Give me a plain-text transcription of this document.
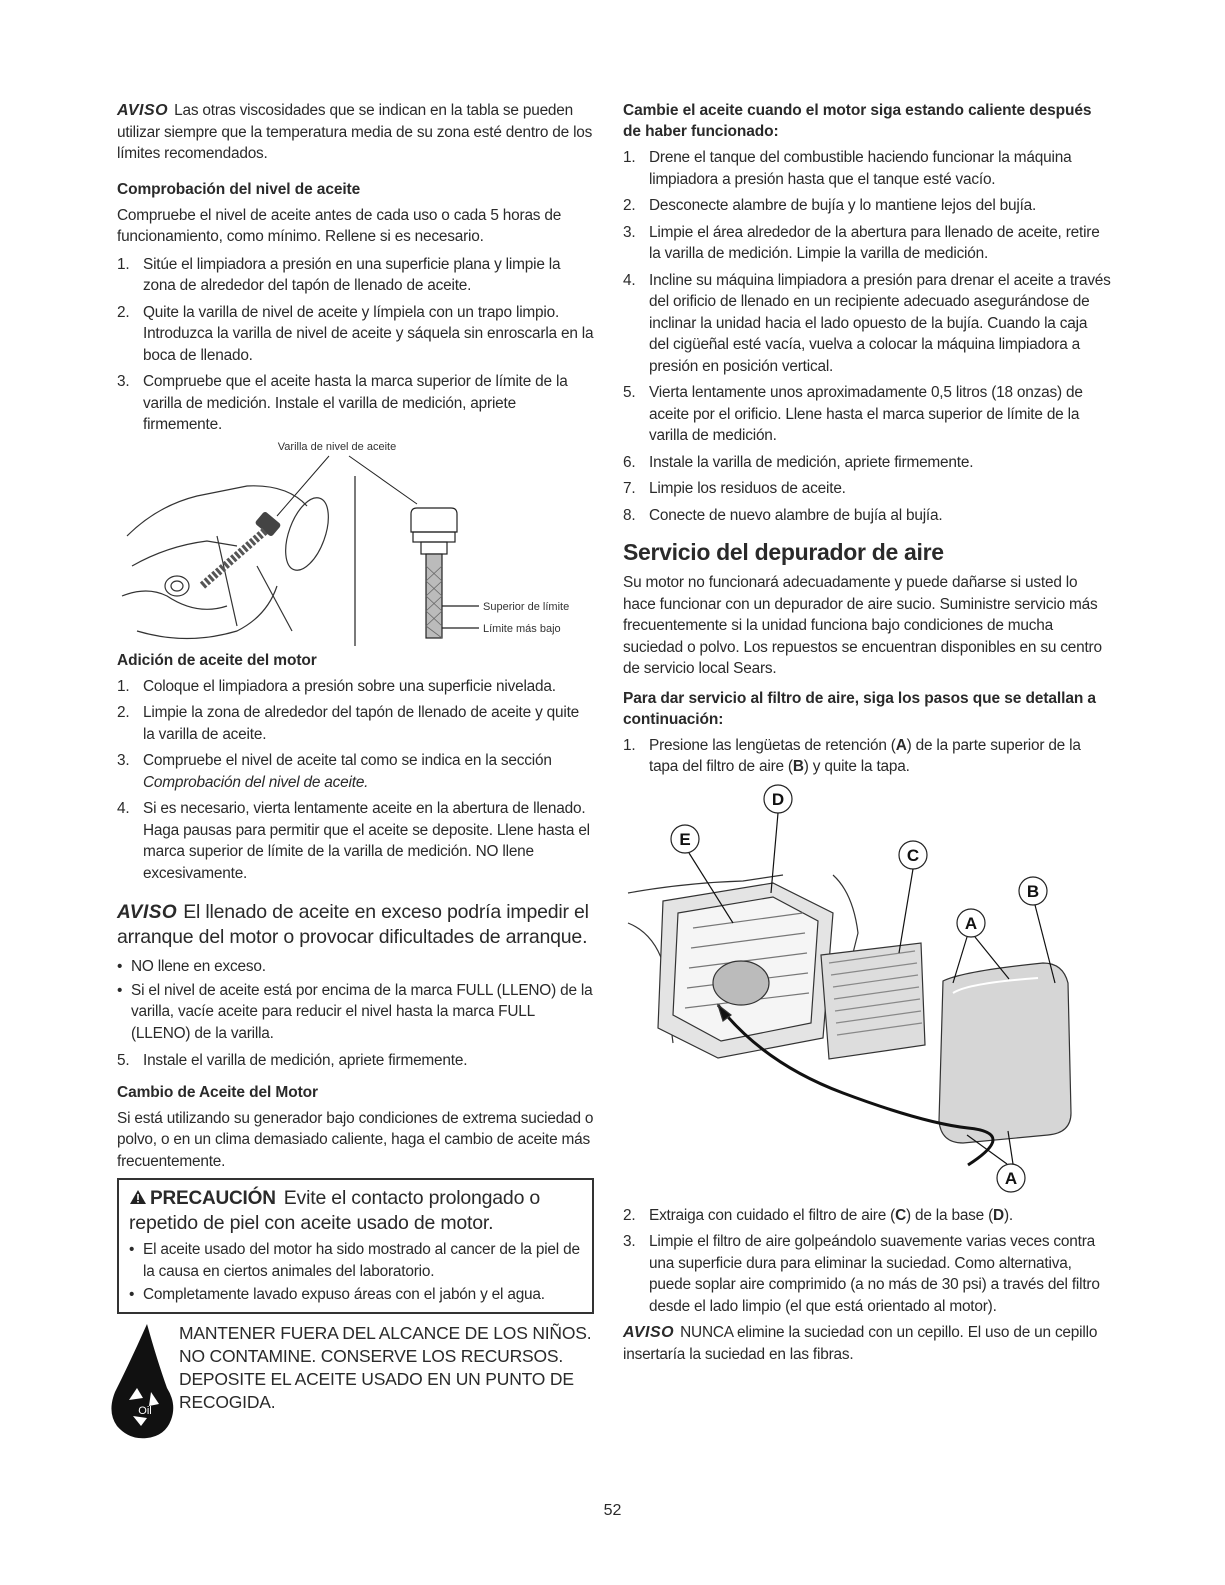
AVISO Las otras viscosidades que se indican en la tabla se pueden utilizar siempre que la temperatura media de su zona esté dentro de los límites recomendados.

Comprobación del nivel de aceite

Compruebe el nivel de aceite antes de cada uso o cada 5 horas de funcionamiento, como mínimo. Rellene si es necesario.

1. Sitúe el limpiadora a presión en una superficie plana y limpie la zona de alrededor del tapón de llenado de aceite.
2. Quite la varilla de nivel de aceite y límpiela con un trapo limpio. Introduzca la varilla de nivel de aceite y sáquela sin enroscarla en la boca de llenado.
3. Compruebe que el aceite hasta la marca superior de límite de la varilla de medición. Instale el varilla de medición, apriete firmemente.
Varilla de nivel de aceite
Superior de límite
Límite más bajo
Adición de aceite del motor
1. Coloque el limpiadora a presión sobre una superficie nivelada.
2. Limpie la zona de alrededor del tapón de llenado de aceite y quite la varilla de aceite.
3. Compruebe el nivel de aceite tal como se indica en la sección
Comprobación del nivel de aceite.
4. Si es necesario, vierta lentamente aceite en la abertura de llenado. Haga pausas para permitir que el aceite se deposite. Llene hasta el marca superior de límite de la varilla de medición. NO llene excesivamente.

AVISO El llenado de aceite en exceso podría impedir el arranque del motor o provocar dificultades de arranque.

• NO llene en exceso.
• Si el nivel de aceite está por encima de la marca FULL (LLENO) de la varilla, vacíe aceite para reducir el nivel hasta la marca FULL (LLENO) de la varilla.
5. Instale el varilla de medición, apriete firmemente.
Cambio de Aceite del Motor

Si está utilizando su generador bajo condiciones de extrema suciedad o polvo, o en un clima demasiado caliente, haga el cambio de aceite más frecuentemente.

PRECAUCIÓN Evite el contacto prolongado o repetido de piel con aceite usado de motor.

• El aceite usado del motor ha sido mostrado al cancer de la piel de la causa en ciertos animales del laboratorio.
• Completamente lavado expuso áreas con el jabón y el agua.
Oil

MANTENER FUERA DEL ALCANCE DE LOS NIÑOS. NO CONTAMINE. CONSERVE LOS RECURSOS. DEPOSITE EL ACEITE USADO EN UN PUNTO DE RECOGIDA.

Cambie el aceite cuando el motor siga estando caliente después de haber funcionado:
1. Drene el tanque del combustible haciendo funcionar la máquina limpiadora a presión hasta que el tanque esté vacío.
2. Desconecte alambre de bujía y lo mantiene lejos del bujía.
3. Limpie el área alrededor de la abertura para llenado de aceite, retire la varilla de medición. Limpie la varilla de medición.
4. Incline su máquina limpiadora a presión para drenar el aceite a través del orificio de llenado en un recipiente adecuado asegurándose de inclinar la unidad hacia el lado opuesto de la bujía. Cuando la caja del cigüeñal esté vacía, vuelva a colocar la máquina limpiadora a presión en posición vertical.
5. Vierta lentamente unos aproximadamente 0,5 litros (18 onzas) de aceite por el orificio. Llene hasta el marca superior de límite de la varilla de medición.
6. Instale la varilla de medición, apriete firmemente.
7. Limpie los residuos de aceite.
8. Conecte de nuevo alambre de bujía al bujía.
Servicio del depurador de aire

Su motor no funcionará adecuadamente y puede dañarse si usted lo hace funcionar con un depurador de aire sucio. Suministre servicio más frecuentemente si la unidad funciona bajo condiciones de mucha suciedad o polvo. Los repuestos se encuentran disponibles en su centro de servicio local Sears.

Para dar servicio al filtro de aire, siga los pasos que se detallan a continuación:
1. Presione las lengüetas de retención (A) de la parte superior de la tapa del filtro de aire (B) y quite la tapa.
D
E
C
B
A
A
2. Extraiga con cuidado el filtro de aire (C) de la base (D).
3. Limpie el filtro de aire golpeándolo suavemente varias veces contra una superficie dura para eliminar la suciedad. Como alternativa, puede soplar aire comprimido (a no más de 30 psi) a través del filtro desde el lado limpio (el que está orientado al motor).

AVISO NUNCA elimine la suciedad con un cepillo. El uso de un cepillo insertaría la suciedad en las fibras.

52
